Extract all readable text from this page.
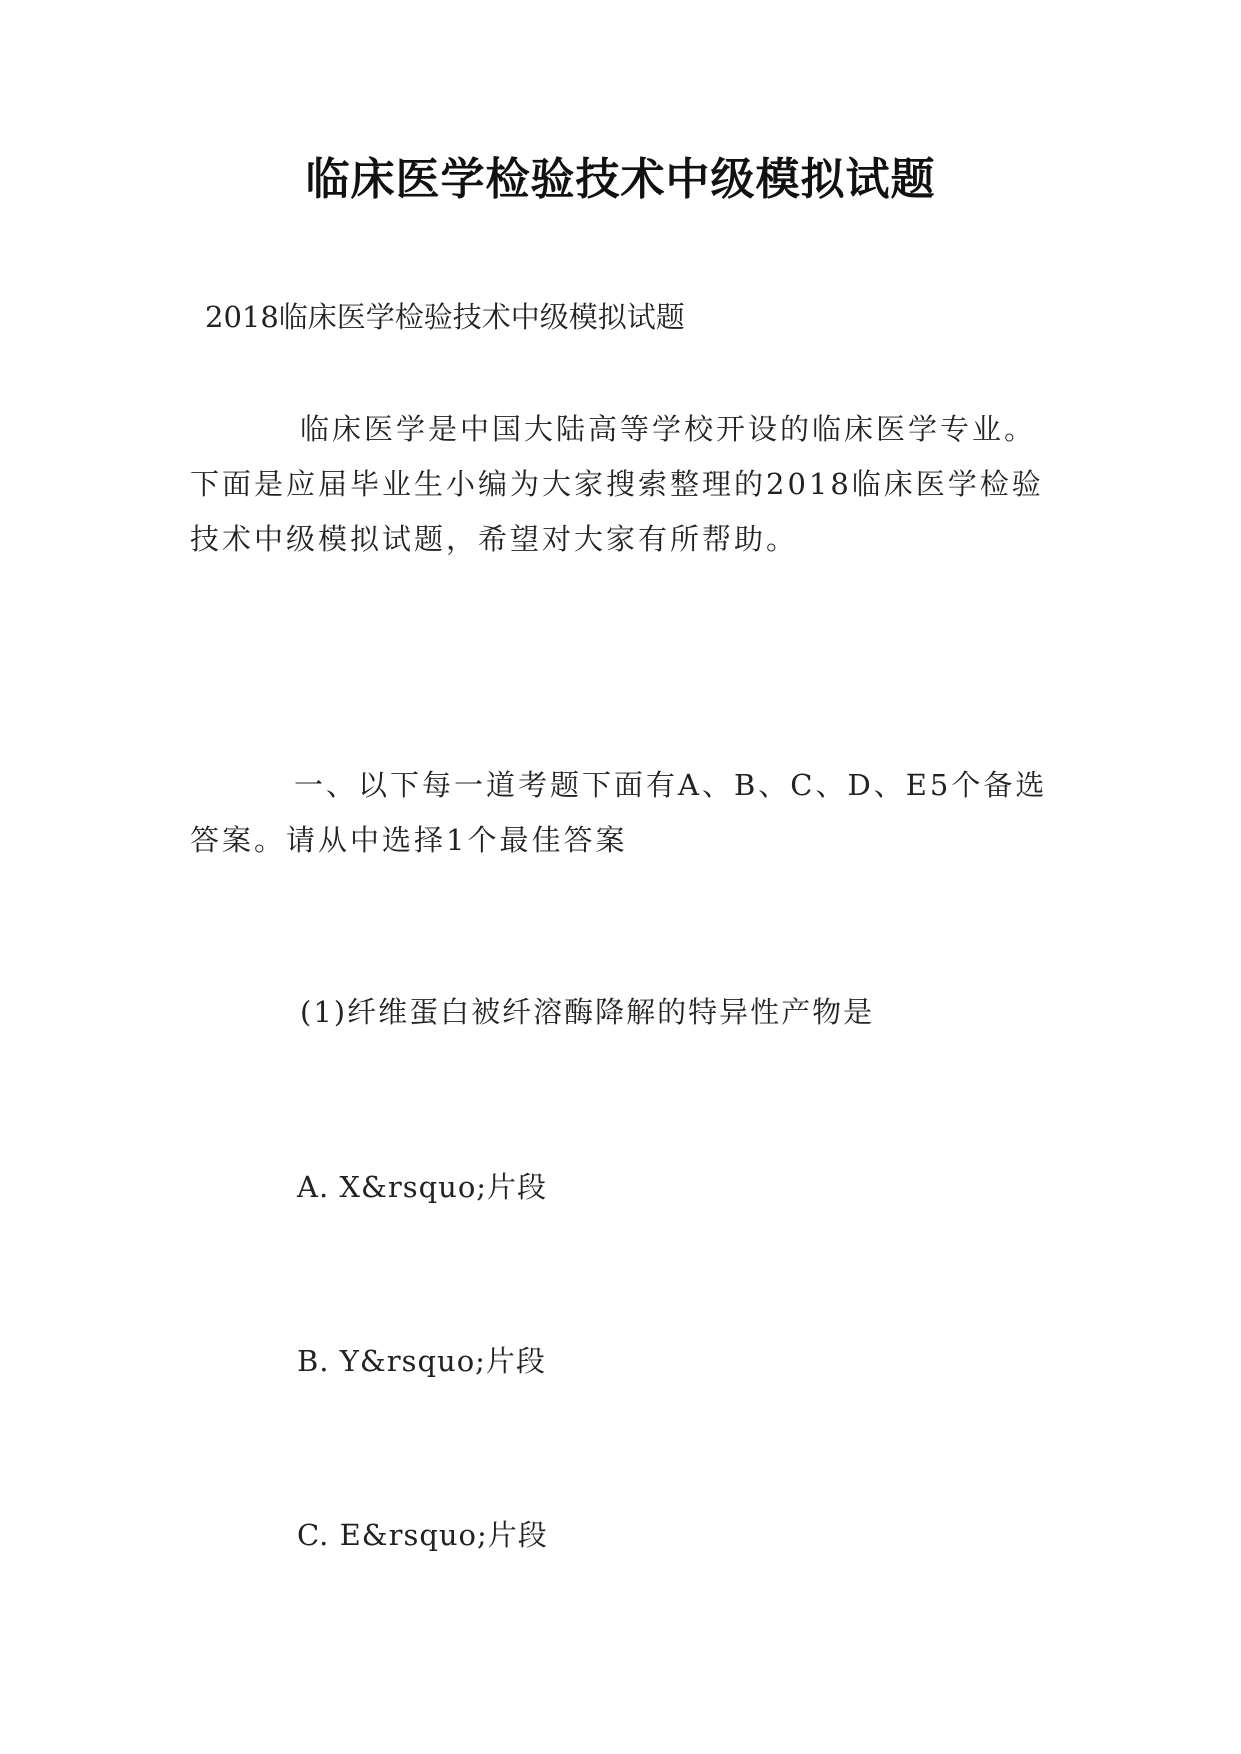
临床医学检验技术中级模拟试题
2018临床医学检验技术中级模拟试题
临床医学是中国大陆高等学校开设的临床医学专业。下面是应届毕业生小编为大家搜索整理的2018临床医学检验技术中级模拟试题，希望对大家有所帮助。
一、以下每一道考题下面有A、B、C、D、E5个备选答案。请从中选择1个最佳答案
(1)纤维蛋白被纤溶酶降解的特异性产物是
A. X&rsquo;片段
B. Y&rsquo;片段
C. E&rsquo;片段
